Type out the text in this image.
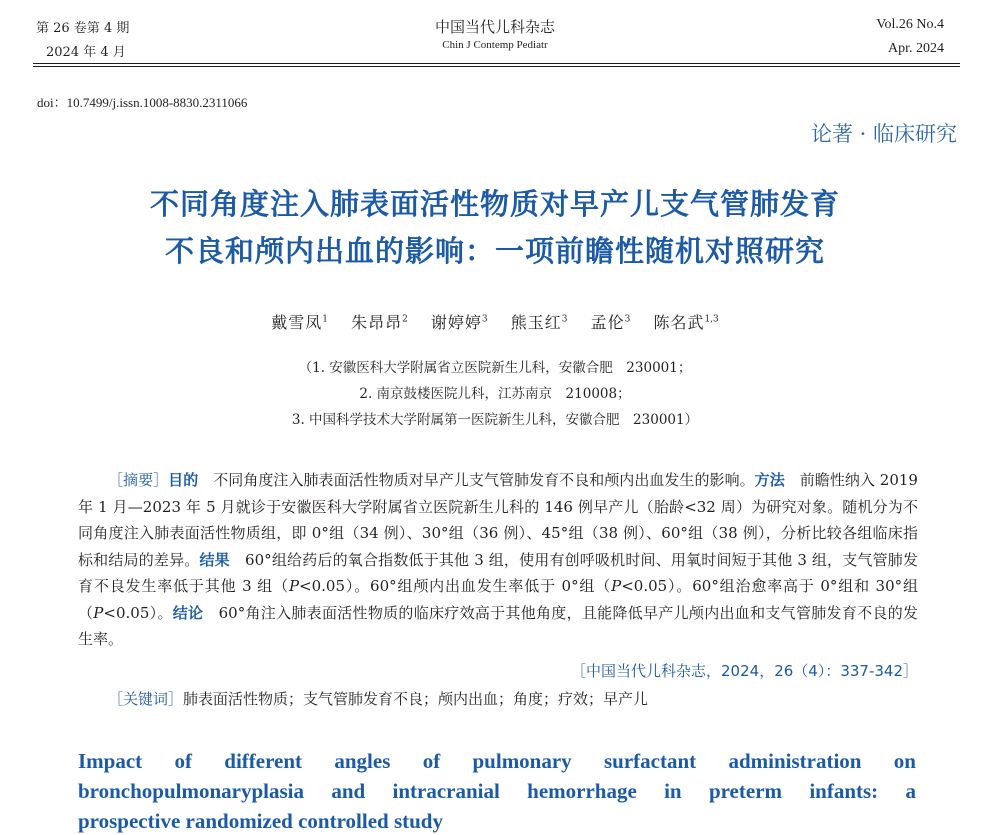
第 26 卷第 4 期
2024 年 4 月
中国当代儿科杂志
Chin J Contemp Pediatr
Vol.26 No.4
Apr. 2024
doi：10.7499/j.issn.1008-8830.2311066
论著 · 临床研究
不同角度注入肺表面活性物质对早产儿支气管肺发育
不良和颅内出血的影响：一项前瞻性随机对照研究
戴雪凤$^1$　 朱昂昂$^2$　 谢婷婷$^3$　 熊玉红$^3$　 孟伦$^3$　 陈名武$^{1,3}$
（1. 安徽医科大学附属省立医院新生儿科，安徽合肥　230001；
2. 南京鼓楼医院儿科，江苏南京　210008；
3. 中国科学技术大学附属第一医院新生儿科，安徽合肥　230001）
［摘要］目的　不同角度注入肺表面活性物质对早产儿支气管肺发育不良和颅内出血发生的影响。方法　前瞻性纳入 2019 年 1 月—2023 年 5 月就诊于安徽医科大学附属省立医院新生儿科的 146 例早产儿（胎龄<32 周）为研究对象。随机分为不同角度注入肺表面活性物质组，即 0°组（34 例）、30°组（36 例）、45°组（38 例）、60°组（38 例），分析比较各组临床指标和结局的差异。结果　60°组给药后的氧合指数低于其他 3 组，使用有创呼吸机时间、用氧时间短于其他 3 组，支气管肺发育不良发生率低于其他 3 组（P<0.05）。60°组颅内出血发生率低于 0°组（P<0.05）。60°组治愈率高于 0°组和 30°组（P<0.05）。结论　60°角注入肺表面活性物质的临床疗效高于其他角度，且能降低早产儿颅内出血和支气管肺发育不良的发生率。
［中国当代儿科杂志，2024，26（4）：337-342］
［关键词］肺表面活性物质；支气管肺发育不良；颅内出血；角度；疗效；早产儿
Impact of different angles of pulmonary surfactant administration on
bronchopulmonaryplasia and intracranial hemorrhage in preterm infants: a
prospective randomized controlled study
